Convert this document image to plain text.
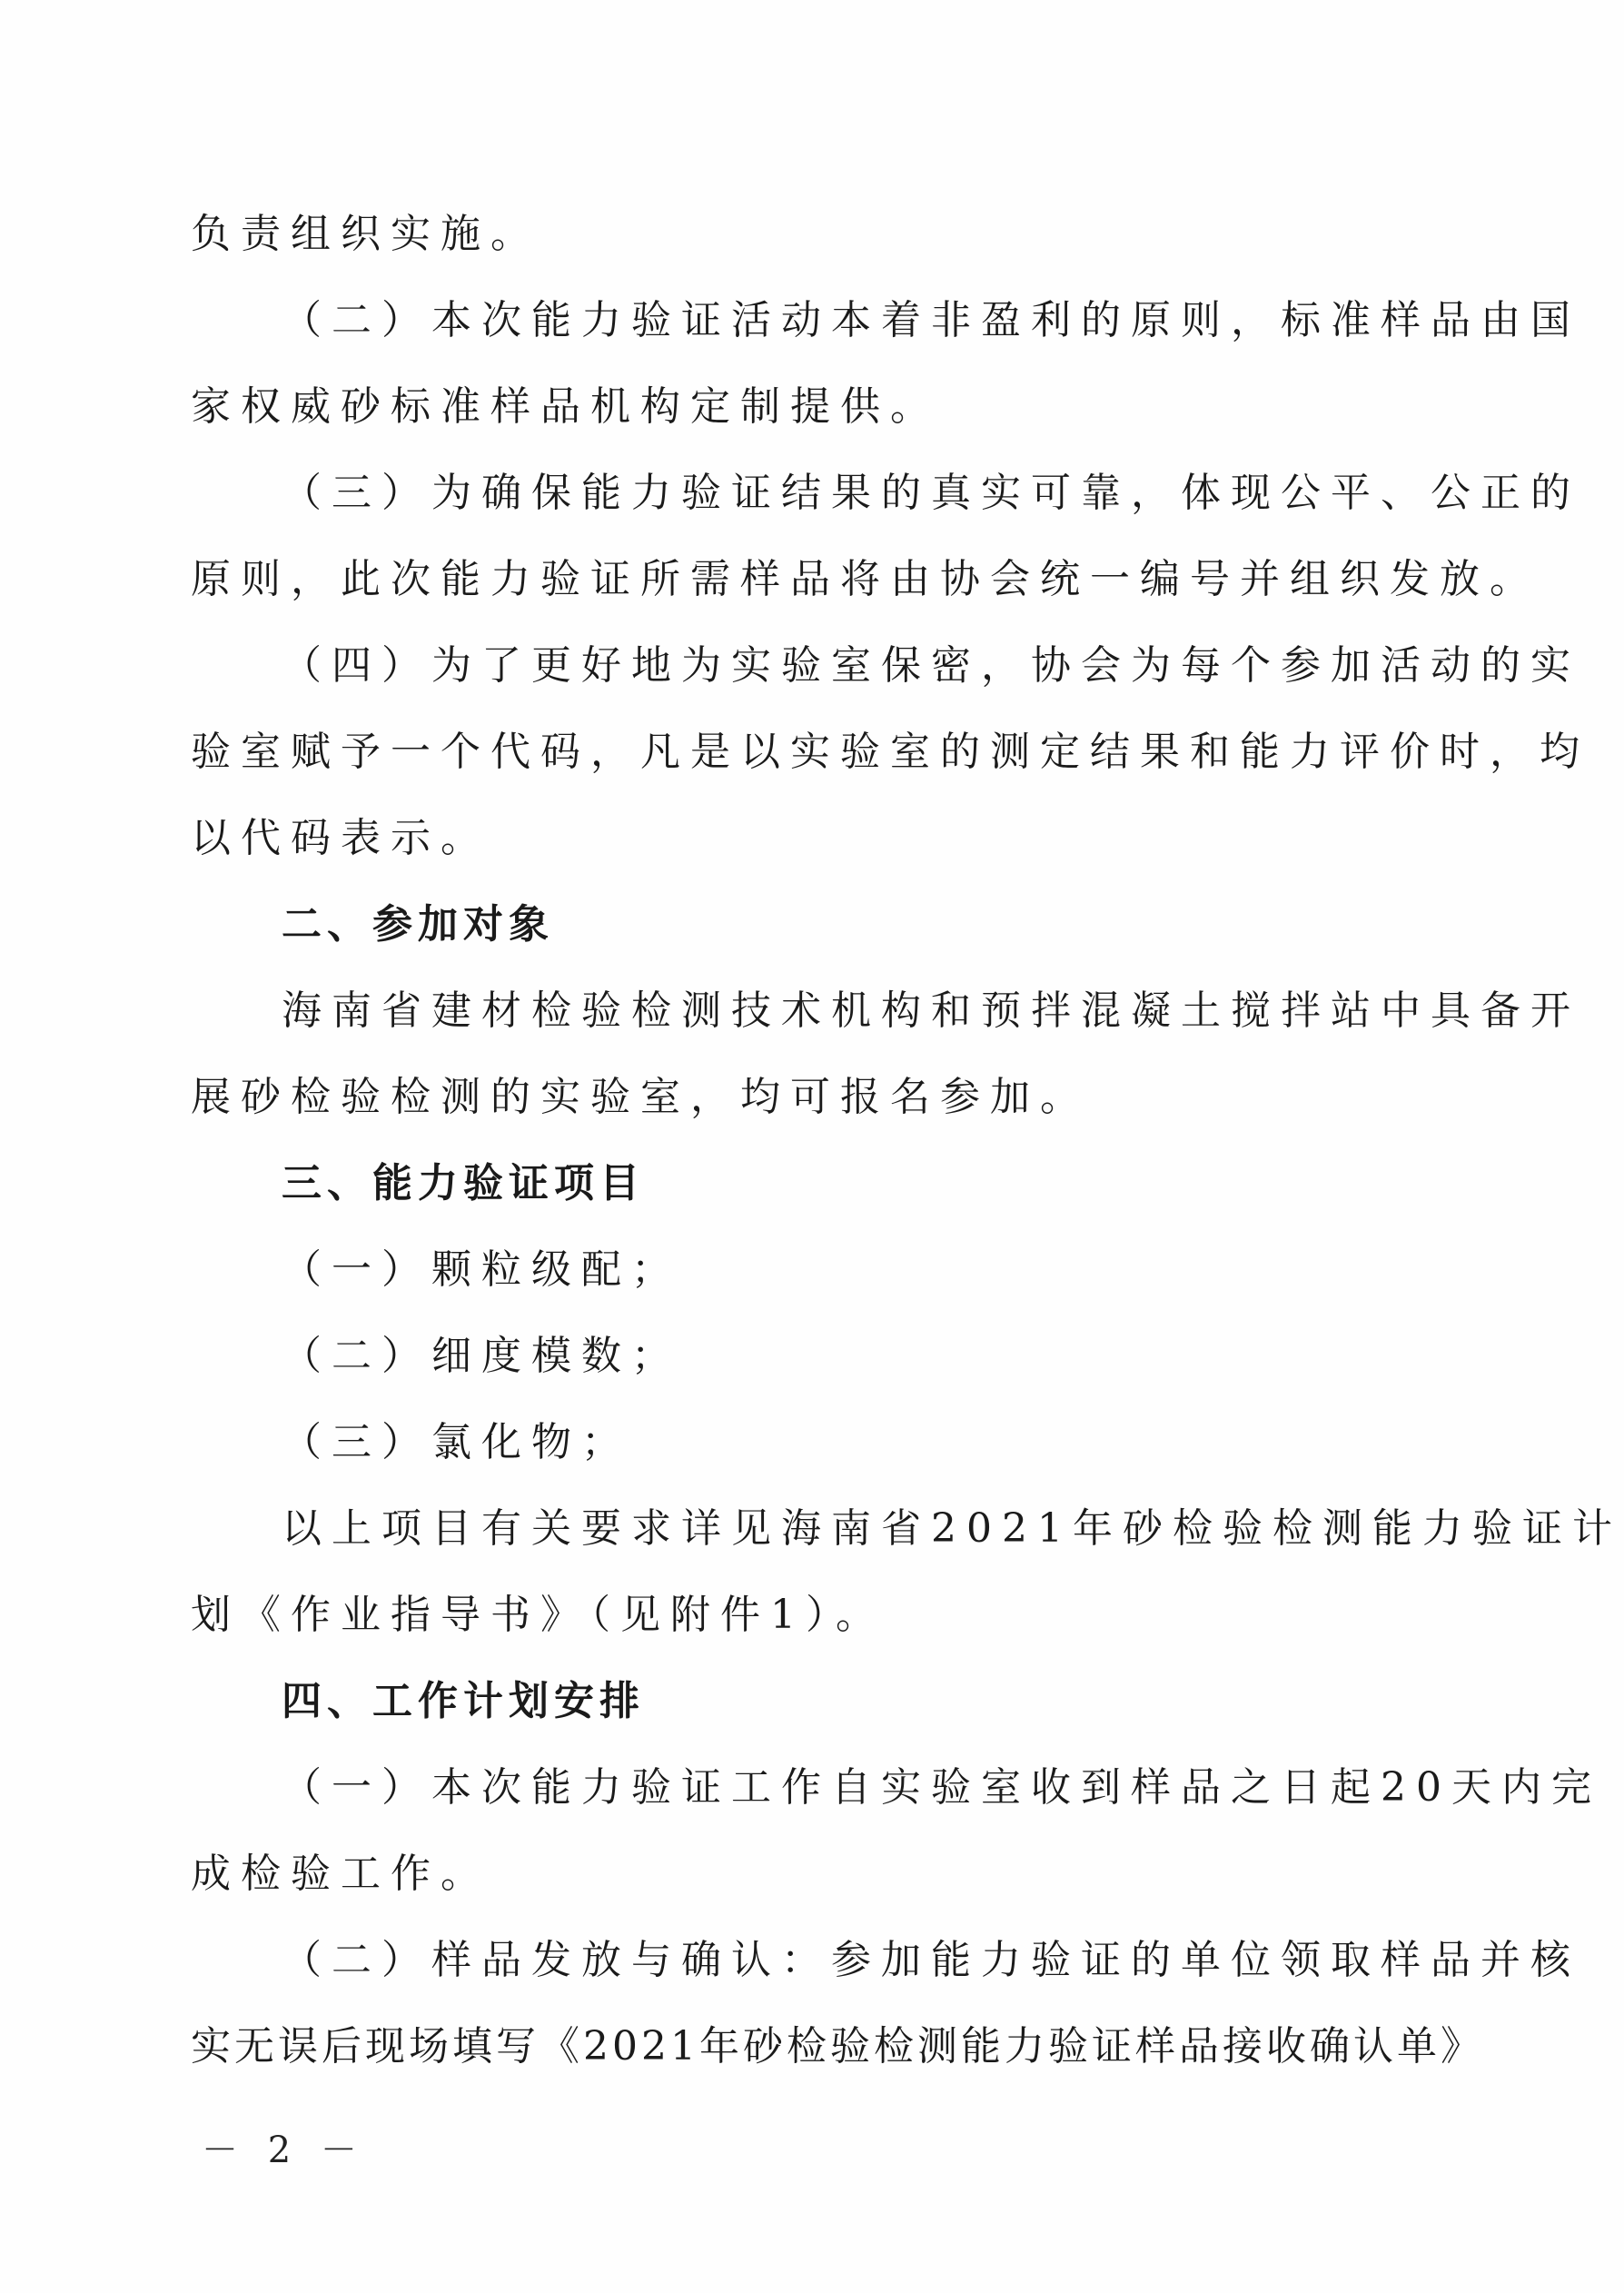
负责组织实施。
（二）本次能力验证活动本着非盈利的原则，标准样品由国
家权威砂标准样品机构定制提供。
（三）为确保能力验证结果的真实可靠，体现公平、公正的
原则，此次能力验证所需样品将由协会统一编号并组织发放。
（四）为了更好地为实验室保密，协会为每个参加活动的实
验室赋予一个代码，凡是以实验室的测定结果和能力评价时，均
以代码表示。
二、参加对象
海南省建材检验检测技术机构和预拌混凝土搅拌站中具备开
展砂检验检测的实验室，均可报名参加。
三、能力验证项目
（一）颗粒级配；
（二）细度模数；
（三）氯化物；
以上项目有关要求详见海南省2021年砂检验检测能力验证计
划《作业指导书》（见附件1）。
四、工作计划安排
（一）本次能力验证工作自实验室收到样品之日起20天内完
成检验工作。
（二）样品发放与确认：参加能力验证的单位领取样品并核
实无误后现场填写《2021年砂检验检测能力验证样品接收确认单》
－ 2 －
